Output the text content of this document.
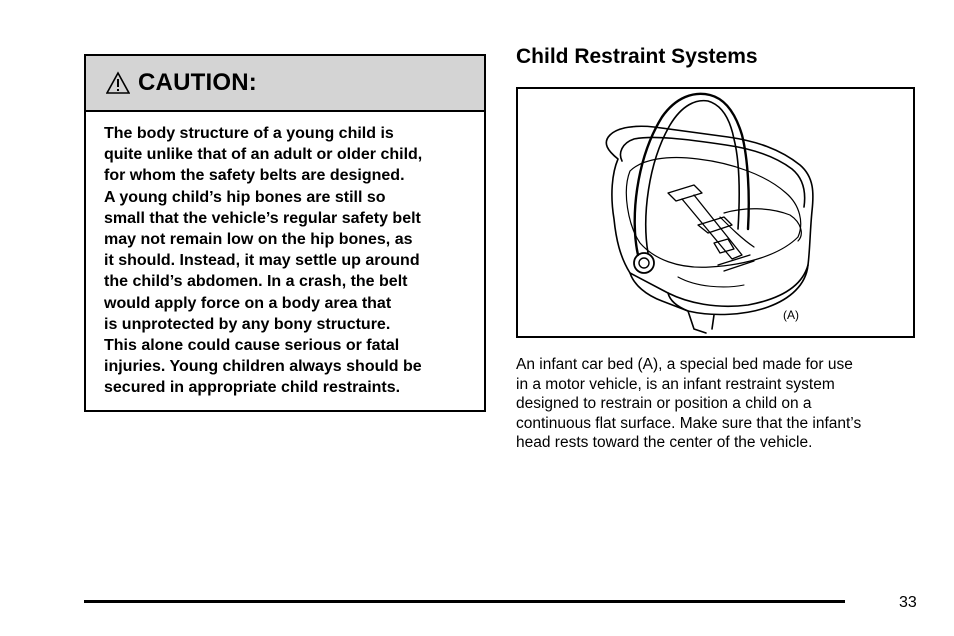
CAUTION:
The body structure of a young child is
quite unlike that of an adult or older child,
for whom the safety belts are designed.
A young child’s hip bones are still so
small that the vehicle’s regular safety belt
may not remain low on the hip bones, as
it should. Instead, it may settle up around
the child’s abdomen. In a crash, the belt
would apply force on a body area that
is unprotected by any bony structure.
This alone could cause serious or fatal
injuries. Young children always should be
secured in appropriate child restraints.
Child Restraint Systems
(A)
An infant car bed (A), a special bed made for use
in a motor vehicle, is an infant restraint system
designed to restrain or position a child on a
continuous flat surface. Make sure that the infant’s
head rests toward the center of the vehicle.
33
